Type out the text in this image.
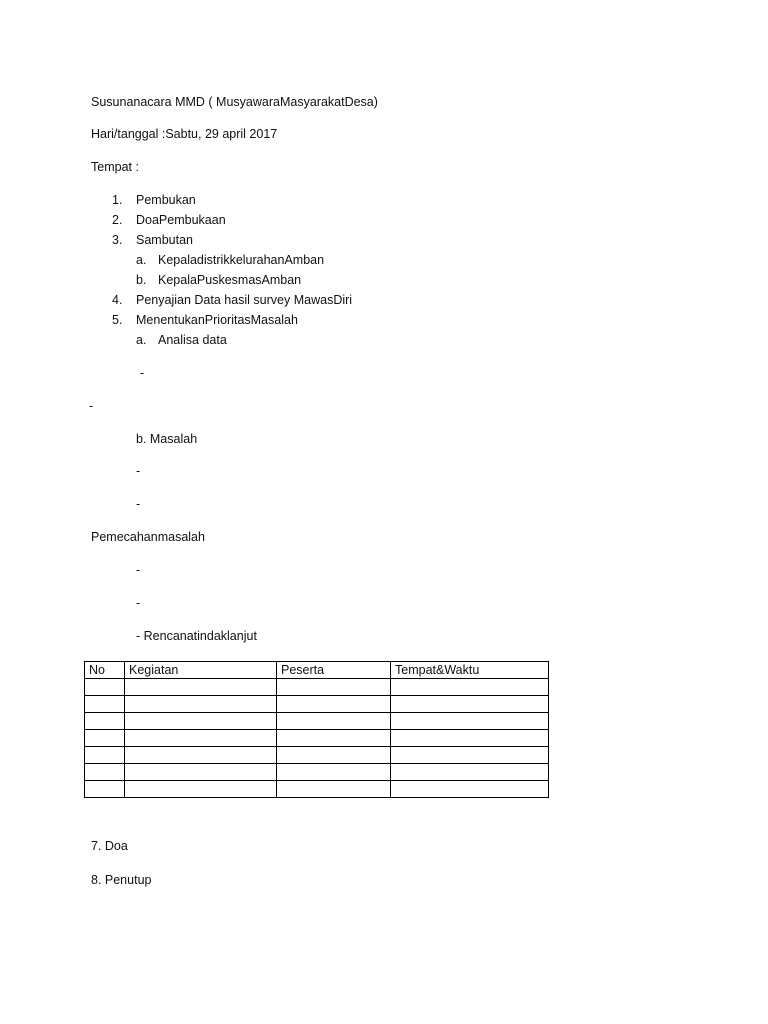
Susunanacara MMD ( MusyawaraMasyarakatDesa)
Hari/tanggal :Sabtu, 29 april 2017
Tempat :
1. Pembukan
2. DoaPembukaan
3. Sambutan
a. KepaladistrikkelurahanAmban
b. KepalaPuskesmasAmban
4. Penyajian Data hasil survey MawasDiri
5. MenentukanPrioritasMasalah
a. Analisa data
-
-
b. Masalah
-
-
Pemecahanmasalah
-
-
- Rencanatindaklanjut
No	Kegiatan	Peserta	Tempat&Waktu

7. Doa
8. Penutup
